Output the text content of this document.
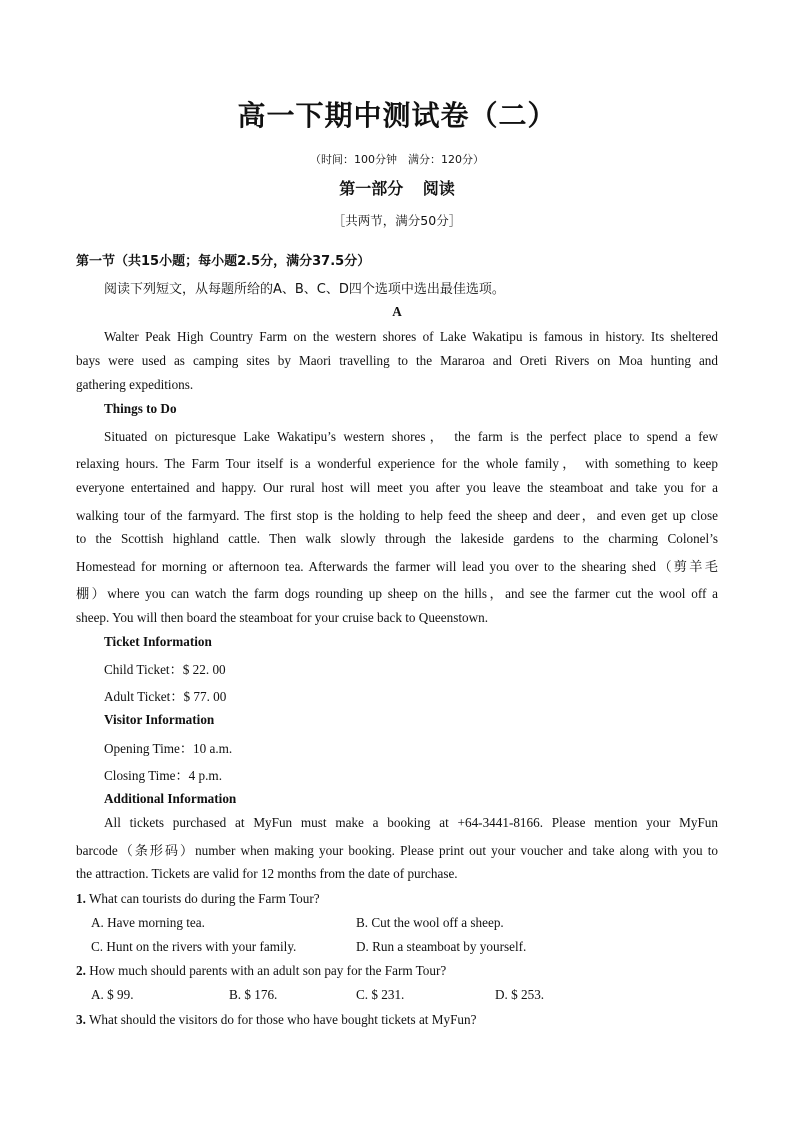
高一下期中测试卷（二）
（时间：100分钟　满分：120分）
第一部分 阅读
［共两节，满分50分］
第一节（共15小题；每小题2.5分，满分37.5分）
阅读下列短文，从每题所给的A、B、C、D四个选项中选出最佳选项。
A
Walter Peak High Country Farm on the western shores of Lake Wakatipu is famous in history. Its sheltered
bays were used as camping sites by Maori travelling to the Mararoa and Oreti Rivers on Moa hunting and
gathering expeditions.
Things to Do
Situated on picturesque Lake Wakatipu’s western shores， the farm is the perfect place to spend a few
relaxing hours. The Farm Tour itself is a wonderful experience for the whole family， with something to keep
everyone entertained and happy. Our rural host will meet you after you leave the steamboat and take you for a
walking tour of the farmyard. The first stop is the holding to help feed the sheep and deer，and even get up close
to the Scottish highland cattle. Then walk slowly through the lakeside gardens to the charming Colonel’s
Homestead for morning or afternoon tea. Afterwards the farmer will lead you over to the shearing shed（剪羊毛
棚）where you can watch the farm dogs rounding up sheep on the hills，and see the farmer cut the wool off a
sheep. You will then board the steamboat for your cruise back to Queenstown.
Ticket Information
Child Ticket：$ 22. 00
Adult Ticket：$ 77. 00
Visitor Information
Opening Time：10 a.m.
Closing Time：4 p.m.
Additional Information
All tickets purchased at MyFun must make a booking at +64-3441-8166. Please mention your MyFun
barcode（条形码）number when making your booking. Please print out your voucher and take along with you to
the attraction. Tickets are valid for 12 months from the date of purchase.
1. What can tourists do during the Farm Tour?
A. Have morning tea.	B. Cut the wool off a sheep.
C. Hunt on the rivers with your family.	D. Run a steamboat by yourself.
2. How much should parents with an adult son pay for the Farm Tour?
A. $ 99.	B. $ 176.	C. $ 231.	D. $ 253.
3. What should the visitors do for those who have bought tickets at MyFun?
